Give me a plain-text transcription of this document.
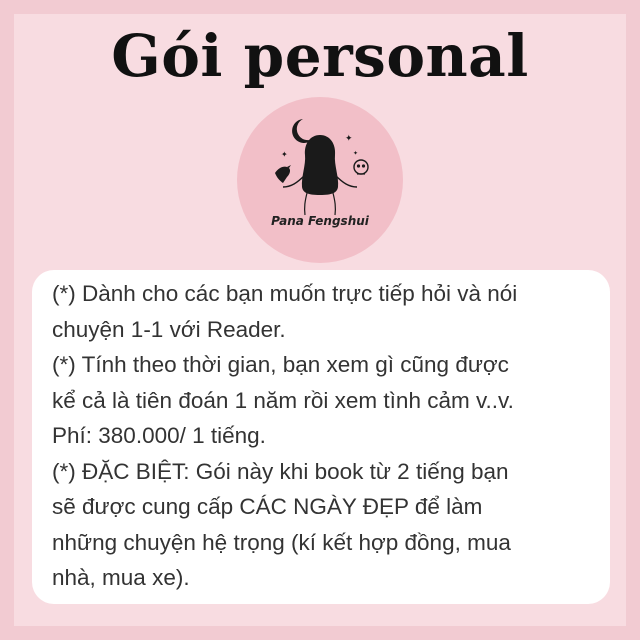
Gói personal
✦
✦	✦
Pana Fengshui
(*) Dành cho các bạn muốn trực tiếp hỏi và nói
chuyện 1-1 với Reader.
(*) Tính theo thời gian, bạn xem gì cũng được
kể cả là tiên đoán 1 năm rồi xem tình cảm v..v.
Phí: 380.000/ 1 tiếng.
(*) ĐẶC BIỆT: Gói này khi book từ 2 tiếng bạn
sẽ được cung cấp CÁC NGÀY ĐẸP để làm
những chuyện hệ trọng (kí kết hợp đồng, mua
nhà, mua xe).
